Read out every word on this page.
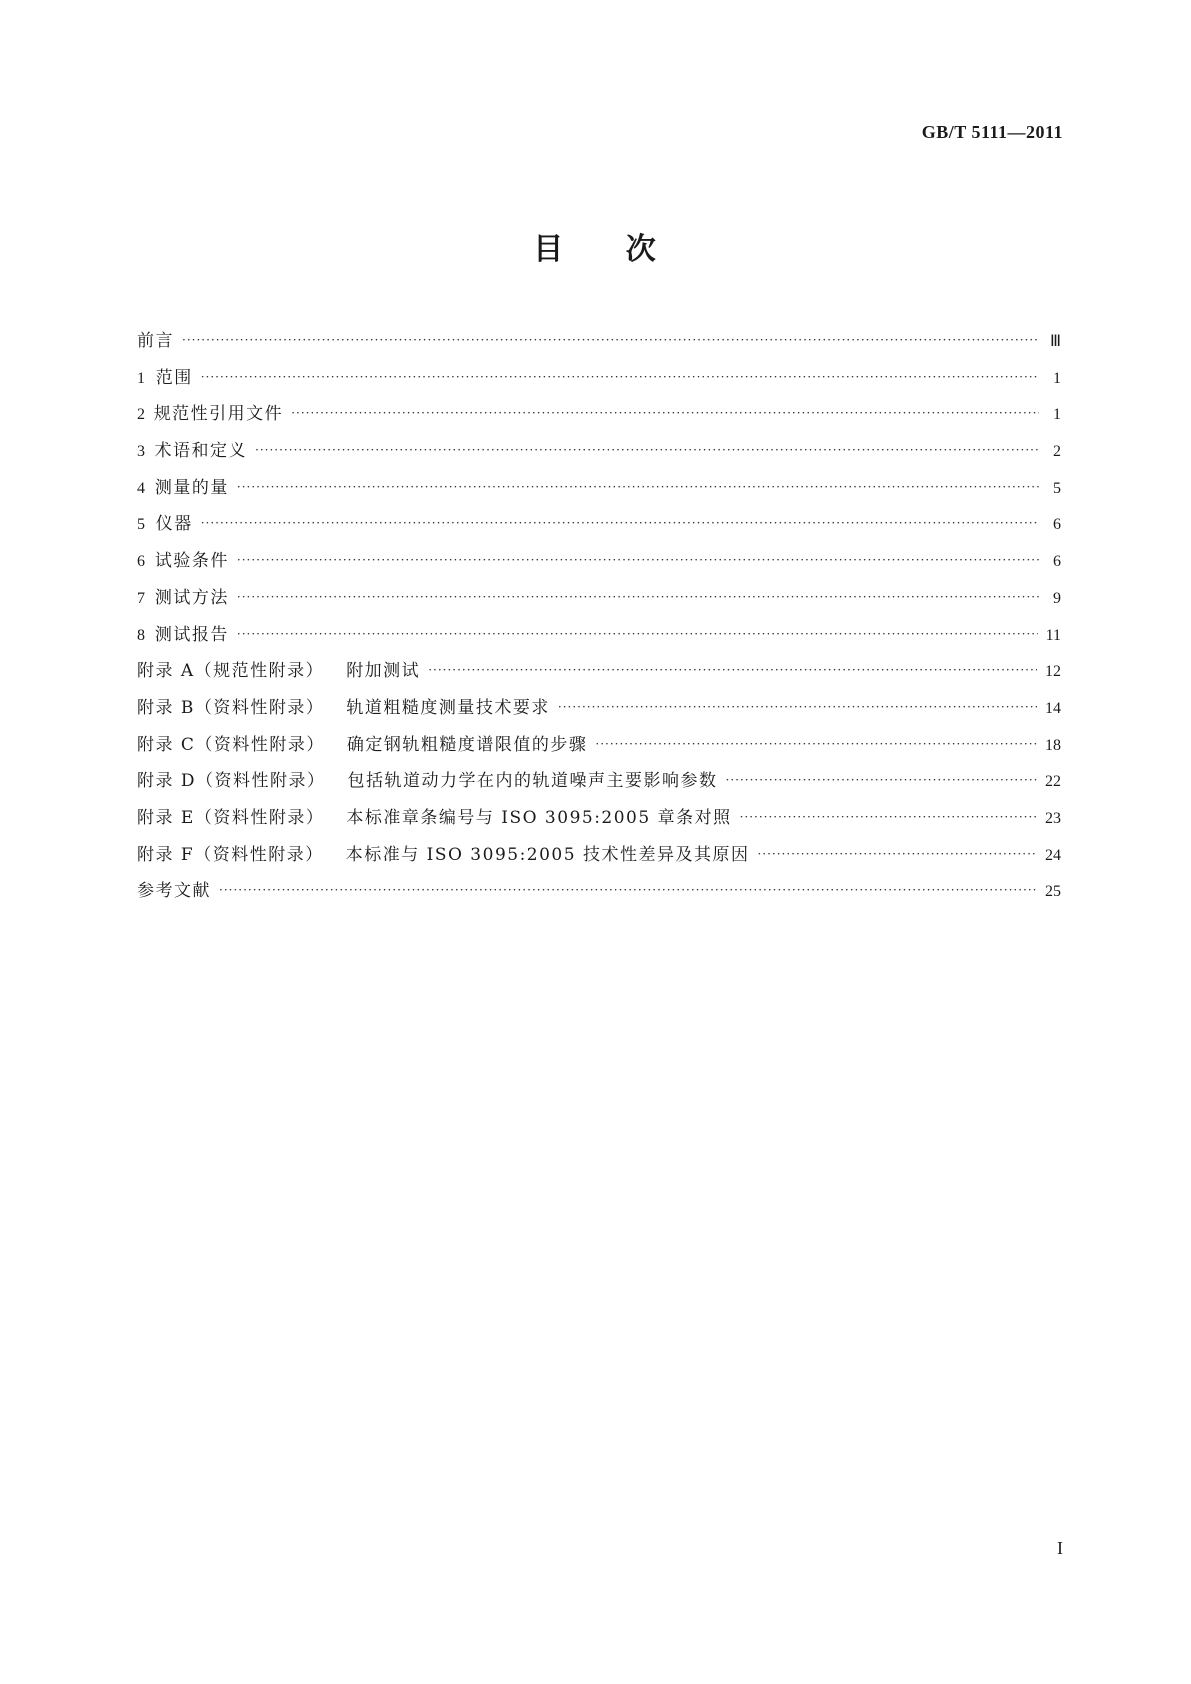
GB/T 5111—2011
目 次
前言 ·····	Ⅲ
1 范围 ·····	1
2 规范性引用文件 ·····	1
3 术语和定义 ·····	2
4 测量的量 ·····	5
5 仪器 ·····	6
6 试验条件 ·····	6
7 测试方法 ·····	9
8 测试报告 ·····	11
附录 A（规范性附录） 附加测试 ·····	12
附录 B（资料性附录） 轨道粗糙度测量技术要求 ·····	14
附录 C（资料性附录） 确定钢轨粗糙度谱限值的步骤 ·····	18
附录 D（资料性附录） 包括轨道动力学在内的轨道噪声主要影响参数 ·····	22
附录 E（资料性附录） 本标准章条编号与 ISO 3095:2005 章条对照 ·····	23
附录 F（资料性附录） 本标准与 ISO 3095:2005 技术性差异及其原因 ·····	24
参考文献 ·····	25
I
